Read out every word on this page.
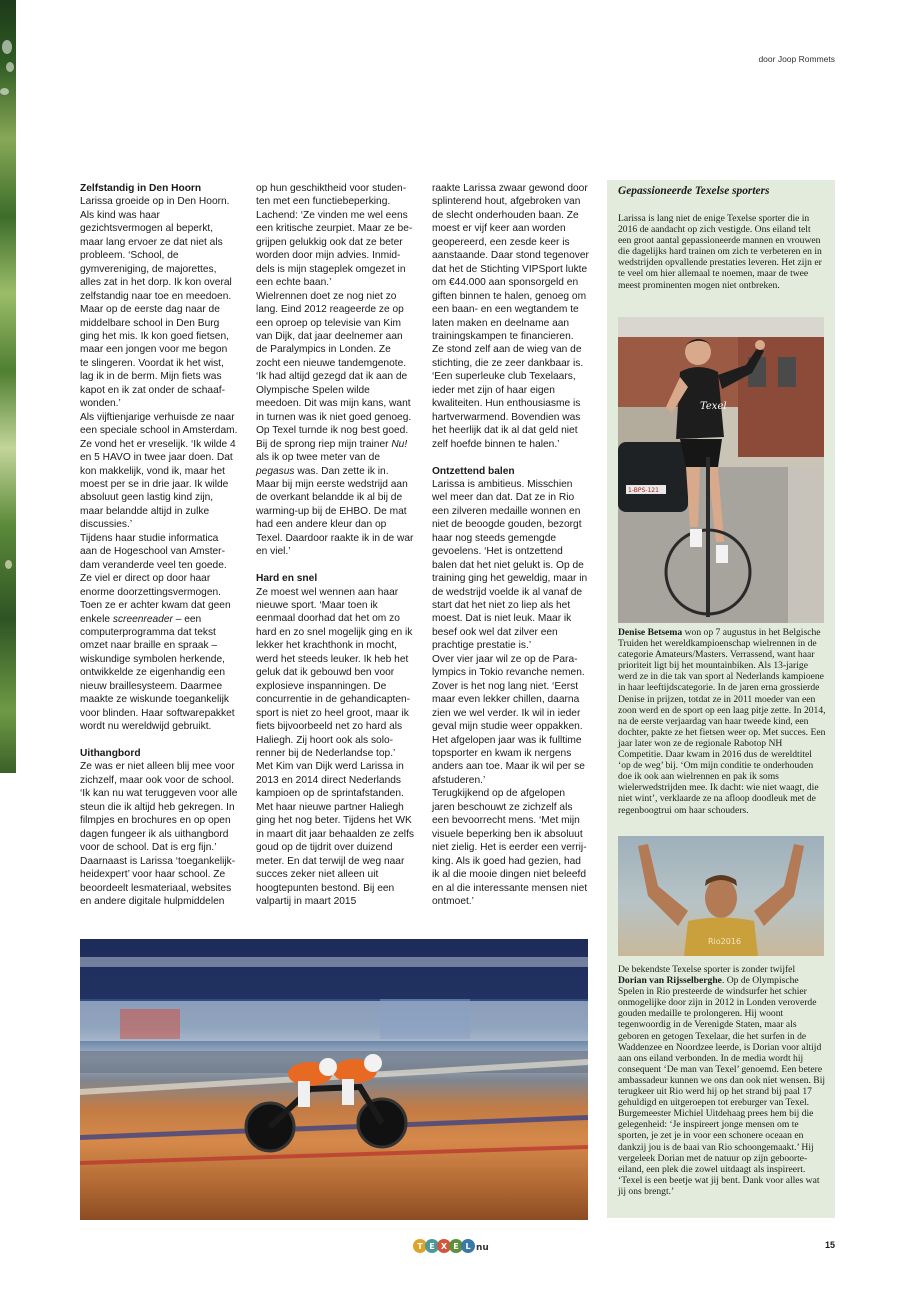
door Joop Rommets
Zelfstandig in Den Hoorn

Larissa groeide op in Den Hoorn. Als kind was haar gezichtsvermogen al beperkt, maar lang ervoer ze dat niet als probleem. ‘School, de gymvereniging, de majorettes, alles zat in het dorp. Ik kon overal zelfstandig naar toe en meedoen. Maar op de eerste dag naar de middelbare school in Den Burg ging het mis. Ik kon goed fietsen, maar een jongen voor me begon te slingeren. Voordat ik het wist, lag ik in de berm. Mijn fiets was kapot en ik zat onder de schaafwonden.’

Als vijftienjarige verhuisde ze naar een speciale school in Amsterdam. Ze vond het er vreselijk. ‘Ik wilde 4 en 5 HAVO in twee jaar doen. Dat kon makkelijk, vond ik, maar het moest per se in drie jaar. Ik wilde absoluut geen lastig kind zijn, maar belandde altijd in zulke discussies.’

Tijdens haar studie informatica aan de Hogeschool van Amsterdam veranderde veel ten goede. Ze viel er direct op door haar enorme doorzettingsvermogen. Toen ze er achter kwam dat geen enkele screenreader – een computerprogramma dat tekst omzet naar braille en spraak – wiskundige symbolen herkende, ontwikkelde ze eigenhandig een nieuw braillesysteem. Daarmee maakte ze wiskunde toegankelijk voor blinden. Haar softwarepakket wordt nu wereldwijd gebruikt.

Uithangbord

Ze was er niet alleen blij mee voor zichzelf, maar ook voor de school. ‘Ik kan nu wat teruggeven voor alle steun die ik altijd heb gekregen. In filmpjes en brochures en op open dagen fungeer ik als uithangbord voor de school. Dat is erg fijn.’

Daarnaast is Larissa ‘toegankelijkheidexpert’ voor haar school. Ze beoordeelt lesmateriaal, websites en andere digitale hulpmiddelen

op hun geschiktheid voor studenten met een functiebeperking. Lachend: ‘Ze vinden me wel eens een kritische zeurpiet. Maar ze begrijpen gelukkig ook dat ze beter worden door mijn advies. Inmiddels is mijn stageplek omgezet in een echte baan.’

Wielrennen doet ze nog niet zo lang. Eind 2012 reageerde ze op een oproep op televisie van Kim van Dijk, dat jaar deelnemer aan de Paralympics in Londen. Ze zocht een nieuwe tandemgenote. ‘Ik had altijd gezegd dat ik aan de Olympische Spelen wilde meedoen. Dit was mijn kans, want in turnen was ik niet goed genoeg. Op Texel turnde ik nog best goed. Bij de sprong riep mijn trainer Nu! als ik op twee meter van de pegasus was. Dan zette ik in. Maar bij mijn eerste wedstrijd aan de overkant belandde ik al bij de warming-up bij de EHBO. De mat had een andere kleur dan op Texel. Daardoor raakte ik in de war en viel.’

Hard en snel

Ze moest wel wennen aan haar nieuwe sport. ‘Maar toen ik eenmaal doorhad dat het om zo hard en zo snel mogelijk ging en ik lekker het krachthonk in mocht, werd het steeds leuker. Ik heb het geluk dat ik gebouwd ben voor explosieve inspanningen. De concurrentie in de gehandicaptensport is niet zo heel groot, maar ik fiets bijvoorbeeld net zo hard als Haliegh. Zij hoort ook als solorenner bij de Nederlandse top.’

Met Kim van Dijk werd Larissa in 2013 en 2014 direct Nederlands kampioen op de sprintafstanden. Met haar nieuwe partner Haliegh ging het nog beter. Tijdens het WK in maart dit jaar behaalden ze zelfs goud op de tijdrit over duizend meter. En dat terwijl de weg naar succes zeker niet alleen uit hoogtepunten bestond. Bij een valpartij in maart 2015

raakte Larissa zwaar gewond door splinterend hout, afgebroken van de slecht onderhouden baan. Ze moest er vijf keer aan worden geopereerd, een zesde keer is aanstaande. Daar stond tegenover dat het de Stichting VIPSport lukte om €44.000 aan sponsorgeld en giften binnen te halen, genoeg om een baan- en een wegtandem te laten maken en deelname aan trainingskampen te financieren.

Ze stond zelf aan de wieg van de stichting, die ze zeer dankbaar is. ‘Een superleuke club Texelaars, ieder met zijn of haar eigen kwaliteiten. Hun enthousiasme is hartverwarmend. Bovendien was het heerlijk dat ik al dat geld niet zelf hoefde binnen te halen.’

Ontzettend balen

Larissa is ambitieus. Misschien wel meer dan dat. Dat ze in Rio een zilveren medaille wonnen en niet de beoogde gouden, bezorgt haar nog steeds gemengde gevoelens. ‘Het is ontzettend balen dat het niet gelukt is. Op de training ging het geweldig, maar in de wedstrijd voelde ik al vanaf de start dat het niet zo liep als het moest. Dat is niet leuk. Maar ik besef ook wel dat zilver een prachtige prestatie is.’

Over vier jaar wil ze op de Paralympics in Tokio revanche nemen. Zover is het nog lang niet. ‘Eerst maar even lekker chillen, daarna zien we wel verder. Ik wil in ieder geval mijn studie weer oppakken. Het afgelopen jaar was ik fulltime topsporter en kwam ik nergens anders aan toe. Maar ik wil per se afstuderen.’

Terugkijkend op de afgelopen jaren beschouwt ze zichzelf als een bevoorrecht mens. ‘Met mijn visuele beperking ben ik absoluut niet zielig. Het is eerder een verrijking. Als ik goed had gezien, had ik al die mooie dingen niet beleefd en al die interessante mensen niet ontmoet.’

Gepassioneerde Texelse sporters

Larissa is lang niet de enige Texelse sporter die in 2016 de aandacht op zich vestigde. Ons eiland telt een groot aantal gepassioneerde mannen en vrouwen die dagelijks hard trainen om zich te verbeteren en in wedstrijden opvallende prestaties leveren. Het zijn er te veel om hier allemaal te noemen, maar de twee meest prominenten mogen niet ontbreken.

1-BPS-121
Texel

Denise Betsema won op 7 augustus in het Belgische Truiden het wereldkampioenschap wielrennen in de categorie Amateurs/Masters. Verrassend, want haar prioriteit ligt bij het mountainbiken. Als 13-jarige werd ze in die tak van sport al Nederlands kampioene in haar leeftijdscategorie. In de jaren erna grossierde Denise in prijzen, totdat ze in 2011 moeder van een zoon werd en de sport op een laag pitje zette. In 2014, na de eerste verjaardag van haar tweede kind, een dochter, pakte ze het fietsen weer op. Met succes. Een jaar later won ze de regionale Rabotop NH Competitie. Daar kwam in 2016 dus de wereldtitel ‘op de weg’ bij. ‘Om mijn conditie te onderhouden doe ik ook aan wielrennen en pak ik soms wielerwedstrijden mee. Ik dacht: wie niet waagt, die niet wint’, verklaarde ze na afloop doodleuk met de regenboogtrui om haar schouders.

Rio2016

De bekendste Texelse sporter is zonder twijfel Dorian van Rijsselberghe. Op de Olympische Spelen in Rio presteerde de windsurfer het schier onmogelijke door zijn in 2012 in Londen veroverde gouden medaille te prolongeren. Hij woont tegenwoordig in de Verenigde Staten, maar als geboren en getogen Texelaar, die het surfen in de Waddenzee en Noordzee leerde, is Dorian voor altijd aan ons eiland verbonden. In de media wordt hij consequent ‘De man van Texel’ genoemd. Een betere ambassadeur kunnen we ons dan ook niet wensen. Bij terugkeer uit Rio werd hij op het strand bij paal 17 gehuldigd en uitgeroepen tot ereburger van Texel. Burgemeester Michiel Uitdehaag prees hem bij die gelegenheid: ‘Je inspireert jonge mensen om te sporten, je zet je in voor een schonere oceaan en dankzij jou is de baai van Rio schoongemaakt.’ Hij vergeleek Dorian met de natuur op zijn geboorte-eiland, een plek die zowel uitdaagt als inspireert. ‘Texel is een beetje wat jij bent. Dank voor alles wat jij ons brengt.’

T E X E L nu	15
